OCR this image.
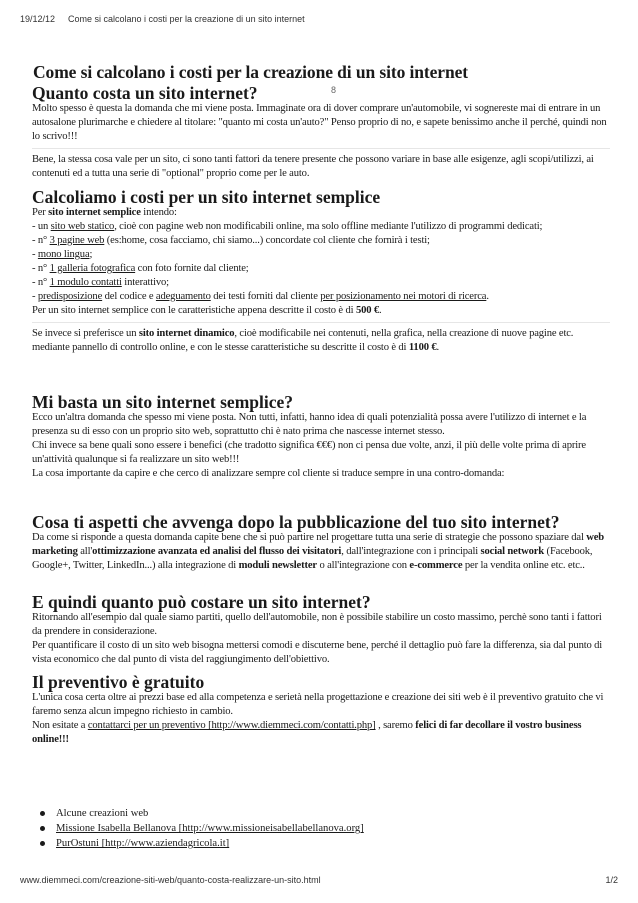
19/12/12 Come si calcolano i costi per la creazione di un sito internet
Come si calcolano i costi per la creazione di un sito internet
8
Quanto costa un sito internet?

Molto spesso è questa la domanda che mi viene posta. Immaginate ora di dover comprare un'automobile, vi sognereste mai di entrare in un autosalone plurimarche e chiedere al titolare: "quanto mi costa un'auto?" Penso proprio di no, e sapete benissimo anche il perché, quindi non lo scrivo!!!

Bene, la stessa cosa vale per un sito, ci sono tanti fattori da tenere presente che possono variare in base alle esigenze, agli scopi/utilizzi, ai contenuti ed a tutta una serie di "optional" proprio come per le auto.

Calcoliamo i costi per un sito internet semplice

Per sito internet semplice intendo:
- un sito web statico, cioè con pagine web non modificabili online, ma solo offline mediante l'utilizzo di programmi dedicati;
- n° 3 pagine web (es:home, cosa facciamo, chi siamo...) concordate col cliente che fornirà i testi;
- mono lingua;
- n° 1 galleria fotografica con foto fornite dal cliente;
- n° 1 modulo contatti interattivo;
- predisposizione del codice e adeguamento dei testi forniti dal cliente per posizionamento nei motori di ricerca.
Per un sito internet semplice con le caratteristiche appena descritte il costo è di 500 €.

Se invece si preferisce un sito internet dinamico, cioè modificabile nei contenuti, nella grafica, nella creazione di nuove pagine etc. mediante pannello di controllo online, e con le stesse caratteristiche su descritte il costo è di 1100 €.

Mi basta un sito internet semplice?

Ecco un'altra domanda che spesso mi viene posta. Non tutti, infatti, hanno idea di quali potenzialità possa avere l'utilizzo di internet e la presenza su di esso con un proprio sito web, soprattutto chi è nato prima che nascesse internet stesso.

Chi invece sa bene quali sono essere i benefici (che tradotto significa €€€) non ci pensa due volte, anzi, il più delle volte prima di aprire un'attività qualunque si fa realizzare un sito web!!!

La cosa importante da capire e che cerco di analizzare sempre col cliente si traduce sempre in una contro-domanda:

Cosa ti aspetti che avvenga dopo la pubblicazione del tuo sito internet?

Da come si risponde a questa domanda capite bene che si può partire nel progettare tutta una serie di strategie che possono spaziare dal web marketing all'ottimizzazione avanzata ed analisi del flusso dei visitatori, dall'integrazione con i principali social network (Facebook, Google+, Twitter, LinkedIn...) alla integrazione di moduli newsletter o all'integrazione con e-commerce per la vendita online etc. etc..

E quindi quanto può costare un sito internet?

Ritornando all'esempio dal quale siamo partiti, quello dell'automobile, non è possibile stabilire un costo massimo, perchè sono tanti i fattori da prendere in considerazione.

Per quantificare il costo di un sito web bisogna mettersi comodi e discuterne bene, perché il dettaglio può fare la differenza, sia dal punto di vista economico che dal punto di vista del raggiungimento dell'obiettivo.

Il preventivo è gratuito

L'unica cosa certa oltre ai prezzi base ed alla competenza e serietà nella progettazione e creazione dei siti web è il preventivo gratuito che vi faremo senza alcun impegno richiesto in cambio.

Non esitate a contattarci per un preventivo [http://www.diemmeci.com/contatti.php] , saremo felici di far decollare il vostro business online!!!

Alcune creazioni web
Missione Isabella Bellanova [http://www.missioneisabellabellanova.org]
PurOstuni [http://www.aziendagricola.it]
www.diemmeci.com/creazione-siti-web/quanto-costa-realizzare-un-sito.html	1/2
